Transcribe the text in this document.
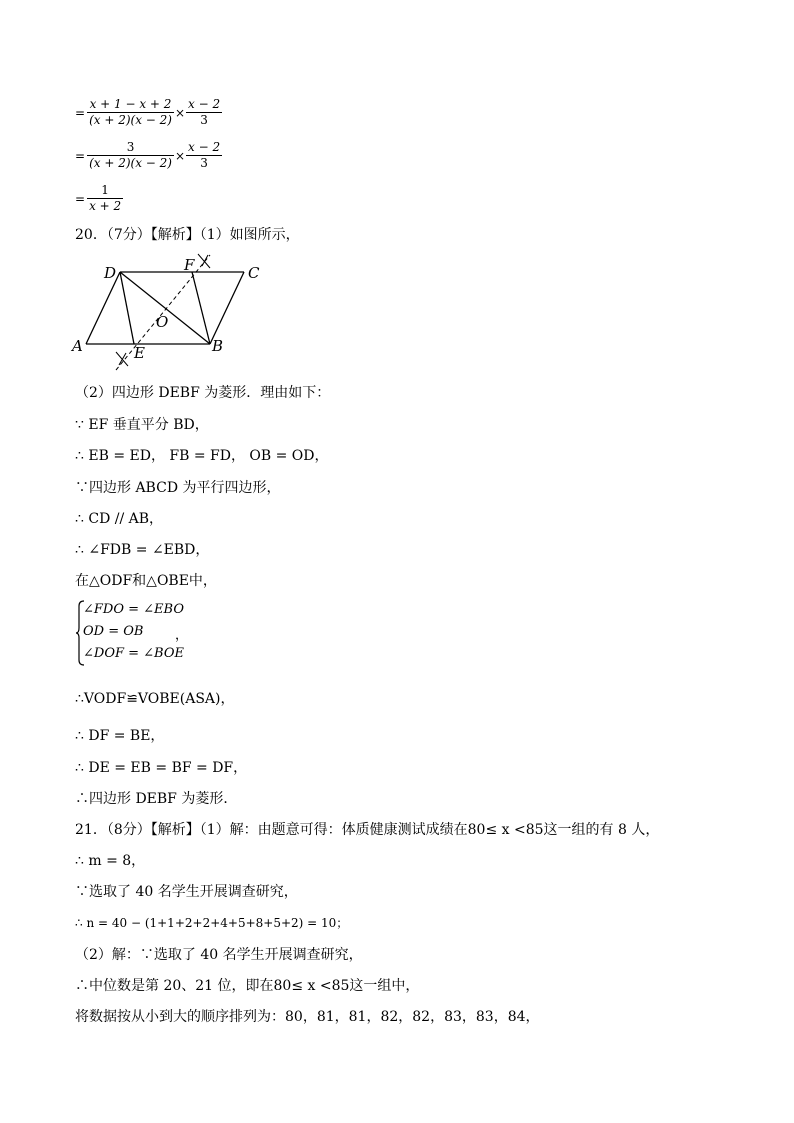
= $\frac{x + 1 - x + 2}{(x + 2)(x - 2)} \times \frac{x - 2}{3}$
= $\frac{3}{(x + 2)(x - 2)} \times \frac{x - 2}{3}$
= $\frac{1}{x + 2}$
20．（7分）【解析】（1）如图所示，
D	F	C
O
A	E	B
（2）四边形 DEBF 为菱形．理由如下：
∵ EF 垂直平分 BD，
∴ EB = ED， FB = FD， OB = OD，
∵四边形 ABCD 为平行四边形，
∴ CD // AB，
∴ ∠FDB = ∠EBD，
在△ODF和△OBE中，
∠FDO = ∠EBO
OD = OB
∠DOF = ∠BOE
，
∴VODF≌VOBE(ASA)，
∴ DF = BE，
∴ DE = EB = BF = DF，
∴四边形 DEBF 为菱形．
21．（8分）【解析】（1）解：由题意可得：体质健康测试成绩在80≤ x <85这一组的有 8 人，
∴ m = 8，
∵选取了 40 名学生开展调查研究，
∴ n = 40 − (1+1+2+2+4+5+8+5+2) = 10；
（2）解：∵选取了 40 名学生开展调查研究，
∴中位数是第 20、21 位，即在80≤ x <85这一组中，
将数据按从小到大的顺序排列为：80，81，81，82，82，83，83，84，
